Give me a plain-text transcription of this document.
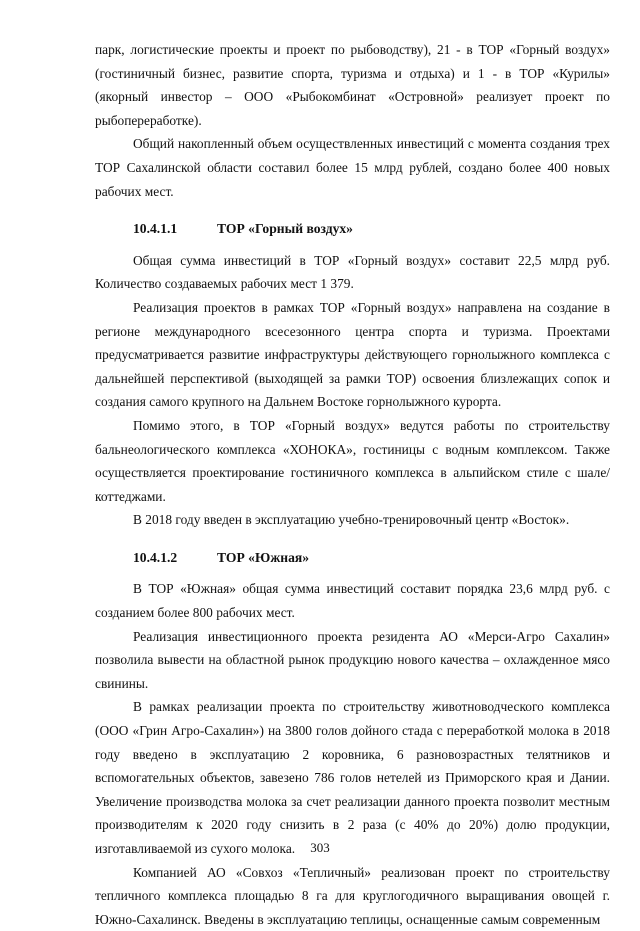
парк, логистические проекты и проект по рыбоводству), 21 - в ТОР «Горный воздух» (гостиничный бизнес, развитие спорта, туризма и отдыха) и 1 - в ТОР «Курилы» (якорный инвестор – ООО «Рыбокомбинат «Островной» реализует проект по рыбопереработке).

Общий накопленный объем осуществленных инвестиций с момента создания трех ТОР Сахалинской области составил более 15 млрд рублей, создано более 400 новых рабочих мест.

10.4.1.1	ТОР «Горный воздух»

Общая сумма инвестиций в ТОР «Горный воздух» составит 22,5 млрд руб. Количество создаваемых рабочих мест 1 379.

Реализация проектов в рамках ТОР «Горный воздух» направлена на создание в регионе международного всесезонного центра спорта и туризма. Проектами предусматривается развитие инфраструктуры действующего горнолыжного комплекса с дальнейшей перспективой (выходящей за рамки ТОР) освоения близлежащих сопок и создания самого крупного на Дальнем Востоке горнолыжного курорта.

Помимо этого, в ТОР «Горный воздух» ведутся работы по строительству бальнеологического комплекса «ХОНОКА», гостиницы с водным комплексом. Также осуществляется проектирование гостиничного комплекса в альпийском стиле с шале/коттеджами.

В 2018 году введен в эксплуатацию учебно-тренировочный центр «Восток».

10.4.1.2	ТОР «Южная»

В ТОР «Южная» общая сумма инвестиций составит порядка 23,6 млрд руб. с созданием более 800 рабочих мест.

Реализация инвестиционного проекта резидента АО «Мерси-Агро Сахалин» позволила вывести на областной рынок продукцию нового качества – охлажденное мясо свинины.

В рамках реализации проекта по строительству животноводческого комплекса (ООО «Грин Агро-Сахалин») на 3800 голов дойного стада с переработкой молока в 2018 году введено в эксплуатацию 2 коровника, 6 разновозрастных телятников и вспомогательных объектов, завезено 786 голов нетелей из Приморского края и Дании. Увеличение производства молока за счет реализации данного проекта позволит местным производителям к 2020 году снизить в 2 раза (с 40% до 20%) долю продукции, изготавливаемой из сухого молока.

Компанией АО «Совхоз «Тепличный» реализован проект по строительству тепличного комплекса площадью 8 га для круглогодичного выращивания овощей г. Южно-Сахалинск. Введены в эксплуатацию теплицы, оснащенные самым современным

303
